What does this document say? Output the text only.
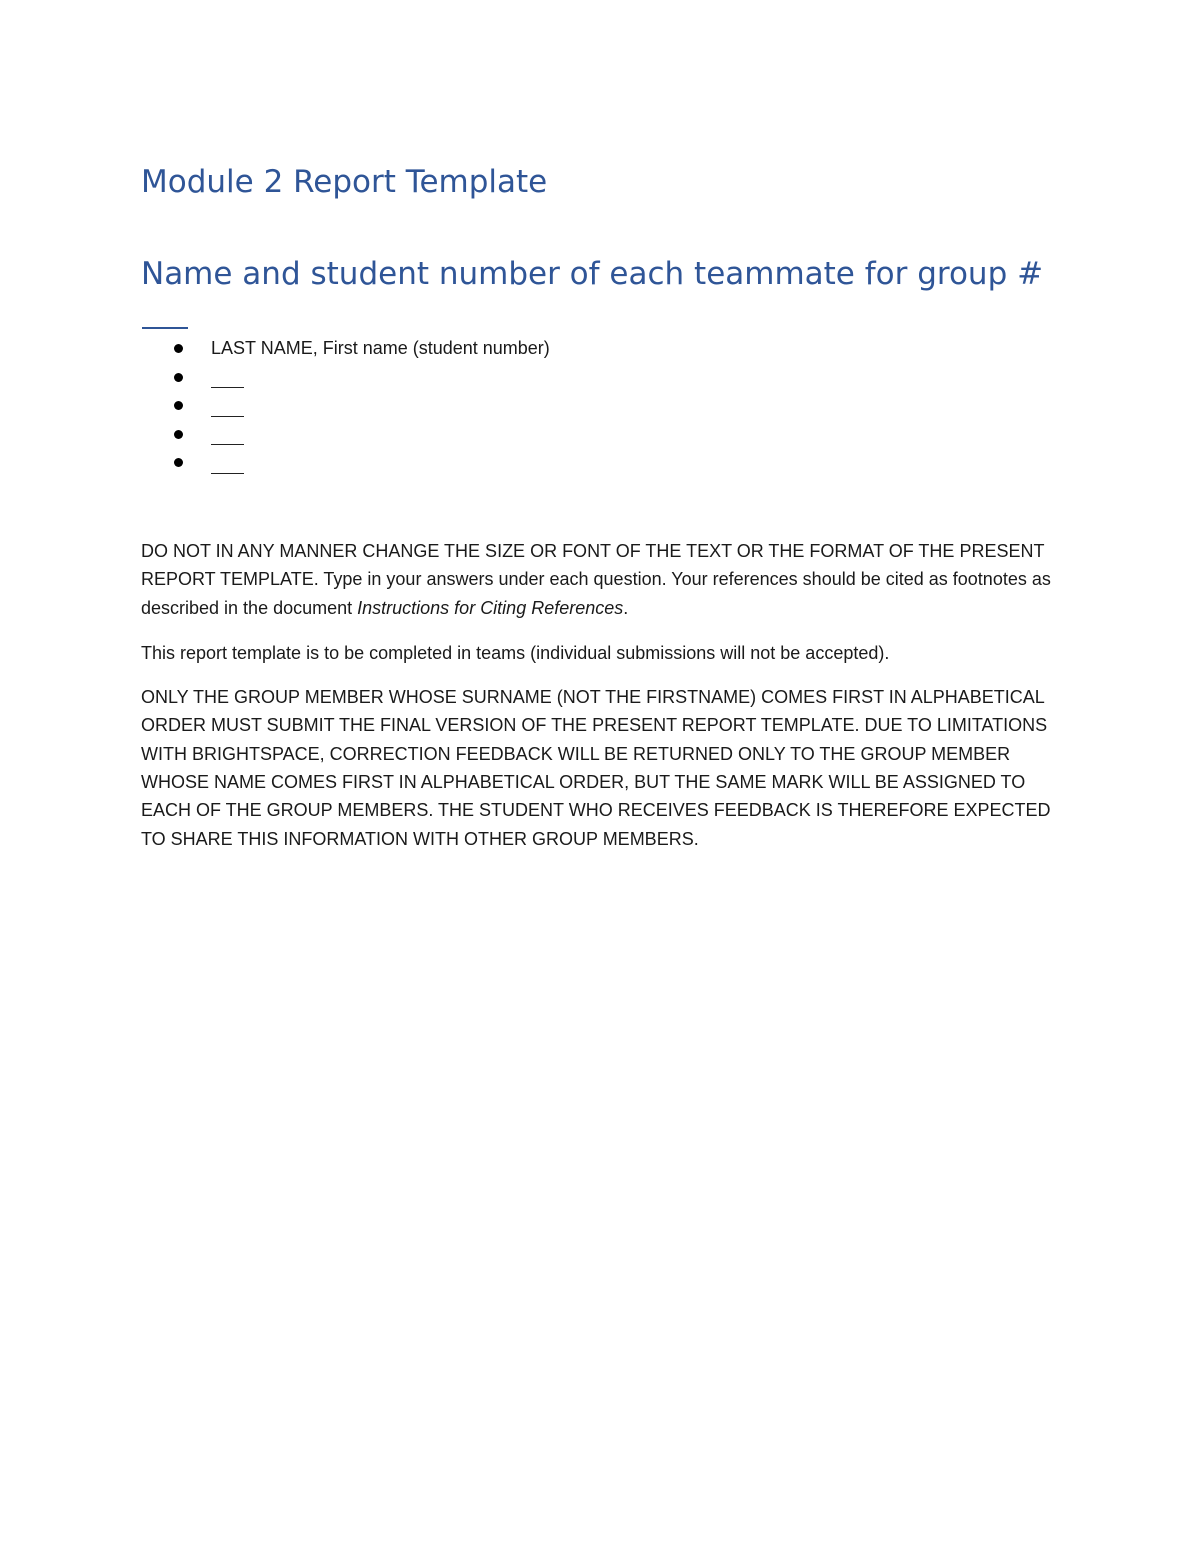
Module 2 Report Template
Name and student number of each teammate for group #
LAST NAME, First name (student number)

DO NOT IN ANY MANNER CHANGE THE SIZE OR FONT OF THE TEXT OR THE FORMAT OF THE PRESENT REPORT TEMPLATE. Type in your answers under each question. Your references should be cited as footnotes as described in the document Instructions for Citing References.

This report template is to be completed in teams (individual submissions will not be accepted).

ONLY THE GROUP MEMBER WHOSE SURNAME (NOT THE FIRSTNAME) COMES FIRST IN ALPHABETICAL ORDER MUST SUBMIT THE FINAL VERSION OF THE PRESENT REPORT TEMPLATE. DUE TO LIMITATIONS WITH BRIGHTSPACE, CORRECTION FEEDBACK WILL BE RETURNED ONLY TO THE GROUP MEMBER WHOSE NAME COMES FIRST IN ALPHABETICAL ORDER, BUT THE SAME MARK WILL BE ASSIGNED TO EACH OF THE GROUP MEMBERS. THE STUDENT WHO RECEIVES FEEDBACK IS THEREFORE EXPECTED TO SHARE THIS INFORMATION WITH OTHER GROUP MEMBERS.
